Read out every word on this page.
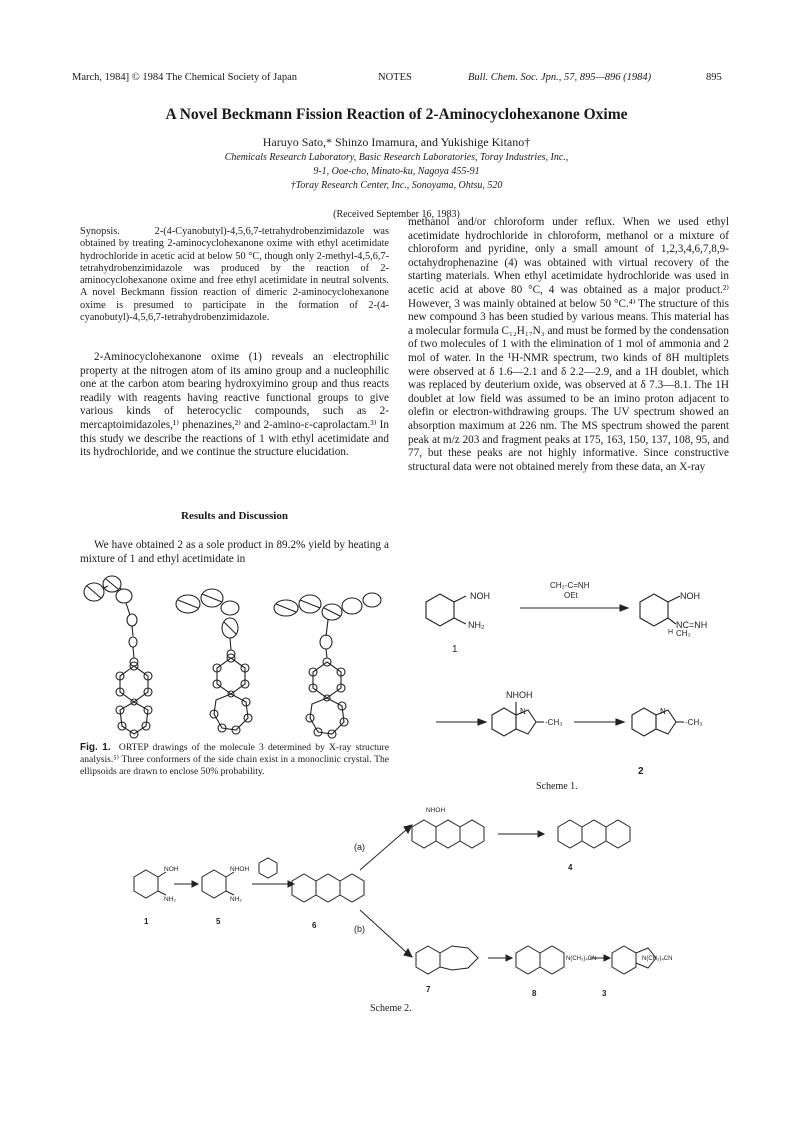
March, 1984] © 1984 The Chemical Society of Japan	NOTES	Bull. Chem. Soc. Jpn., 57, 895—896 (1984)	895
A Novel Beckmann Fission Reaction of 2-Aminocyclohexanone Oxime
Haruyo Sato,* Shinzo Imamura, and Yukishige Kitano†
Chemicals Research Laboratory, Basic Research Laboratories, Toray Industries, Inc.,
9-1, Ooe-cho, Minato-ku, Nagoya 455-91
†Toray Research Center, Inc., Sonoyama, Ohtsu, 520
(Received September 16, 1983)
Synopsis.	2-(4-Cyanobutyl)-4,5,6,7-tetrahydrobenzimidazole was obtained by treating 2-aminocyclohexanone oxime with ethyl acetimidate hydrochloride in acetic acid at below 50 °C, though only 2-methyl-4,5,6,7-tetrahydrobenzimidazole was produced by the reaction of 2-aminocyclohexanone oxime and free ethyl acetimidate in neutral solvents. A novel Beckmann fission reaction of dimeric 2-aminocyclohexanone oxime is presumed to participate in the formation of 2-(4-cyanobutyl)-4,5,6,7-tetrahydrobenzimidazole.
2-Aminocyclohexanone oxime (1) reveals an electrophilic property at the nitrogen atom of its amino group and a nucleophilic one at the carbon atom bearing hydroxyimino group and thus reacts readily with reagents having reactive functional groups to give various kinds of heterocyclic compounds, such as 2-mercaptoimidazoles,¹⁾ phenazines,²⁾ and 2-amino-ε-caprolactam.³⁾ In this study we describe the reactions of 1 with ethyl acetimidate and its hydrochloride, and we continue the structure elucidation.
Results and Discussion
We have obtained 2 as a sole product in 89.2% yield by heating a mixture of 1 and ethyl acetimidate in
methanol and/or chloroform under reflux. When we used ethyl acetimidate hydrochloride in chloroform, methanol or a mixture of chloroform and pyridine, only a small amount of 1,2,3,4,6,7,8,9-octahydrophenazine (4) was obtained with virtual recovery of the starting materials. When ethyl acetimidate hydrochloride was used in acetic acid at above 80 °C, 4 was obtained as a major product.²⁾ However, 3 was mainly obtained at below 50 °C.⁴⁾ The structure of this new compound 3 has been studied by various means. This material has a molecular formula C₁₂H₁₇N₃ and must be formed by the condensation of two molecules of 1 with the elimination of 1 mol of ammonia and 2 mol of water. In the ¹H-NMR spectrum, two kinds of 8H multiplets were observed at δ 1.6—2.1 and δ 2.2—2.9, and a 1H doublet, which was replaced by deuterium oxide, was observed at δ 7.3—8.1. The 1H doublet at low field was assumed to be an imino proton adjacent to olefin or electron-withdrawing groups. The UV spectrum showed an absorption maximum at 226 nm. The MS spectrum showed the parent peak at m/z 203 and fragment peaks at 175, 163, 150, 137, 108, 95, and 77, but these peaks are not highly informative. Since constructive structural data were not obtained merely from these data, an X-ray
Fig. 1. ORTEP drawings of the molecule 3 determined by X-ray structure analysis.⁵⁾ Three conformers of the side chain exist in a monoclinic crystal. The ellipsoids are drawn to enclose 50% probability.
NOH
NH₂
CH₃-C=NH
OEt	NOH
NC=NH
H CH₃
1
NHOH
N
-CH₃
N
-CH₃
2
Scheme 1.
NOH
NH₂
NHOH
NH₂
NHOH
N(CH₂)₄CN	N(CH₂)₄CN
(a)
(b)
1	5	6
4
7	8	3
Scheme 2.
